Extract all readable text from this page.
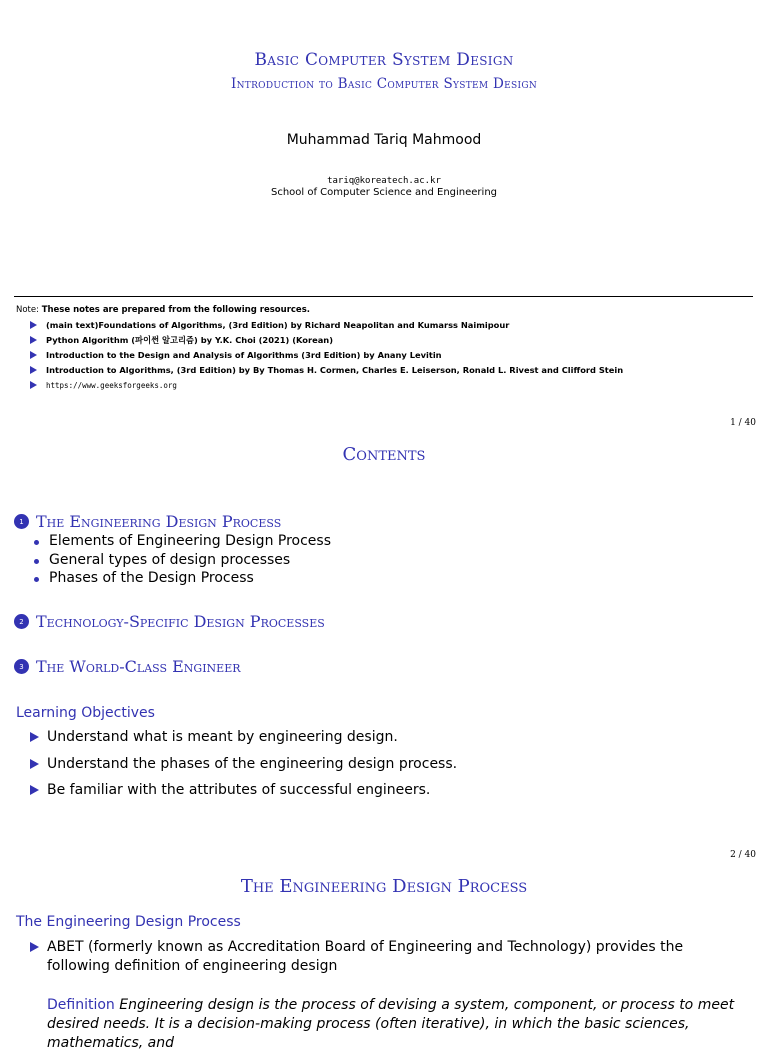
Basic Computer System Design
Introduction to Basic Computer System Design
Muhammad Tariq Mahmood
tariq@koreatech.ac.kr
School of Computer Science and Engineering
Note: These notes are prepared from the following resources.
(main text)Foundations of Algorithms, (3rd Edition) by Richard Neapolitan and Kumarss Naimipour
Python Algorithm (파이썬 알고리즘) by Y.K. Choi (2021) (Korean)
Introduction to the Design and Analysis of Algorithms (3rd Edition) by Anany Levitin
Introduction to Algorithms, (3rd Edition) by By Thomas H. Cormen, Charles E. Leiserson, Ronald L. Rivest and Clifford Stein
https://www.geeksforgeeks.org
1 / 40
Contents
1 The Engineering Design Process
Elements of Engineering Design Process
General types of design processes
Phases of the Design Process
2 Technology-Specific Design Processes
3 The World-Class Engineer
Learning Objectives
Understand what is meant by engineering design.
Understand the phases of the engineering design process.
Be familiar with the attributes of successful engineers.
2 / 40
The Engineering Design Process
The Engineering Design Process
ABET (formerly known as Accreditation Board of Engineering and Technology) provides the following definition of engineering design
Definition Engineering design is the process of devising a system, component, or process to meet desired needs. It is a decision-making process (often iterative), in which the basic sciences, mathematics, and
